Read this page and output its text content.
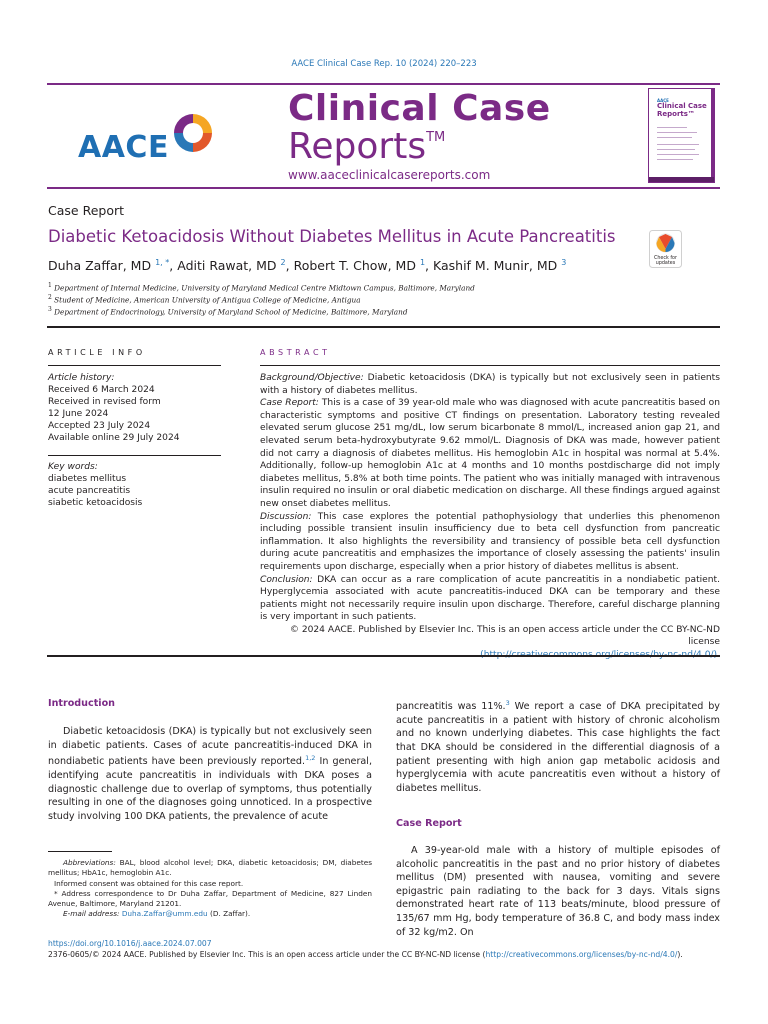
AACE Clinical Case Rep. 10 (2024) 220–223
AACE
Clinical Case
Reports™
www.aaceclinicalcasereports.com
AACE
Clinical Case
Reports™
Case Report
Diabetic Ketoacidosis Without Diabetes Mellitus in Acute Pancreatitis
Check for
updates
Duha Zaffar, MD $^{1, *}$, Aditi Rawat, MD $^2$, Robert T. Chow, MD $^1$, Kashif M. Munir, MD $^3$
$^1$ Department of Internal Medicine, University of Maryland Medical Centre Midtown Campus, Baltimore, Maryland
$^2$ Student of Medicine, American University of Antigua College of Medicine, Antigua
$^3$ Department of Endocrinology, University of Maryland School of Medicine, Baltimore, Maryland
ARTICLE INFO
Article history:
Received 6 March 2024
Received in revised form
12 June 2024
Accepted 23 July 2024
Available online 29 July 2024
Key words:
diabetes mellitus
acute pancreatitis
siabetic ketoacidosis
ABSTRACT

Background/Objective: Diabetic ketoacidosis (DKA) is typically but not exclusively seen in patients with a history of diabetes mellitus.

Case Report: This is a case of 39 year-old male who was diagnosed with acute pancreatitis based on characteristic symptoms and positive CT findings on presentation. Laboratory testing revealed elevated serum glucose 251 mg/dL, low serum bicarbonate 8 mmol/L, increased anion gap 21, and elevated serum beta-hydroxybutyrate 9.62 mmol/L. Diagnosis of DKA was made, however patient did not carry a diagnosis of diabetes mellitus. His hemoglobin A1c in hospital was normal at 5.4%. Additionally, follow-up hemoglobin A1c at 4 months and 10 months postdischarge did not imply diabetes mellitus, 5.8% at both time points. The patient who was initially managed with intravenous insulin required no insulin or oral diabetic medication on discharge. All these findings argued against new onset diabetes mellitus.

Discussion: This case explores the potential pathophysiology that underlies this phenomenon including possible transient insulin insufficiency due to beta cell dysfunction from pancreatic inflammation. It also highlights the reversibility and transiency of possible beta cell dysfunction during acute pancreatitis and emphasizes the importance of closely assessing the patients' insulin requirements upon discharge, especially when a prior history of diabetes mellitus is absent.

Conclusion: DKA can occur as a rare complication of acute pancreatitis in a nondiabetic patient. Hyperglycemia associated with acute pancreatitis-induced DKA can be temporary and these patients might not necessarily require insulin upon discharge. Therefore, careful discharge planning is very important in such patients.

© 2024 AACE. Published by Elsevier Inc. This is an open access article under the CC BY-NC-ND license

Introduction
Diabetic ketoacidosis (DKA) is typically but not exclusively seen in diabetic patients. Cases of acute pancreatitis-induced DKA in nondiabetic patients have been previously reported.$^{1,2}$ In general, identifying acute pancreatitis in individuals with DKA poses a diagnostic challenge due to overlap of symptoms, thus potentially resulting in one of the diagnoses going unnoticed. In a prospective study involving 100 DKA patients, the prevalence of acute
Abbreviations: BAL, blood alcohol level; DKA, diabetic ketoacidosis; DM, diabetes mellitus; HbA1c, hemoglobin A1c.
Informed consent was obtained for this case report.
* Address correspondence to Dr Duha Zaffar, Department of Medicine, 827 Linden Avenue, Baltimore, Maryland 21201.
E-mail address: Duha.Zaffar@umm.edu (D. Zaffar).
pancreatitis was 11%.$^3$ We report a case of DKA precipitated by acute pancreatitis in a patient with history of chronic alcoholism and no known underlying diabetes. This case highlights the fact that DKA should be considered in the differential diagnosis of a patient presenting with high anion gap metabolic acidosis and hyperglycemia with acute pancreatitis even without a history of diabetes mellitus.
Case Report
A 39-year-old male with a history of multiple episodes of alcoholic pancreatitis in the past and no prior history of diabetes mellitus (DM) presented with nausea, vomiting and severe epigastric pain radiating to the back for 3 days. Vitals signs demonstrated heart rate of 113 beats/minute, blood pressure of 135/67 mm Hg, body temperature of 36.8 C, and body mass index of 32 kg/m2. On
https://doi.org/10.1016/j.aace.2024.07.007
2376-0605/© 2024 AACE. Published by Elsevier Inc. This is an open access article under the CC BY-NC-ND license (http://creativecommons.org/licenses/by-nc-nd/4.0/).
